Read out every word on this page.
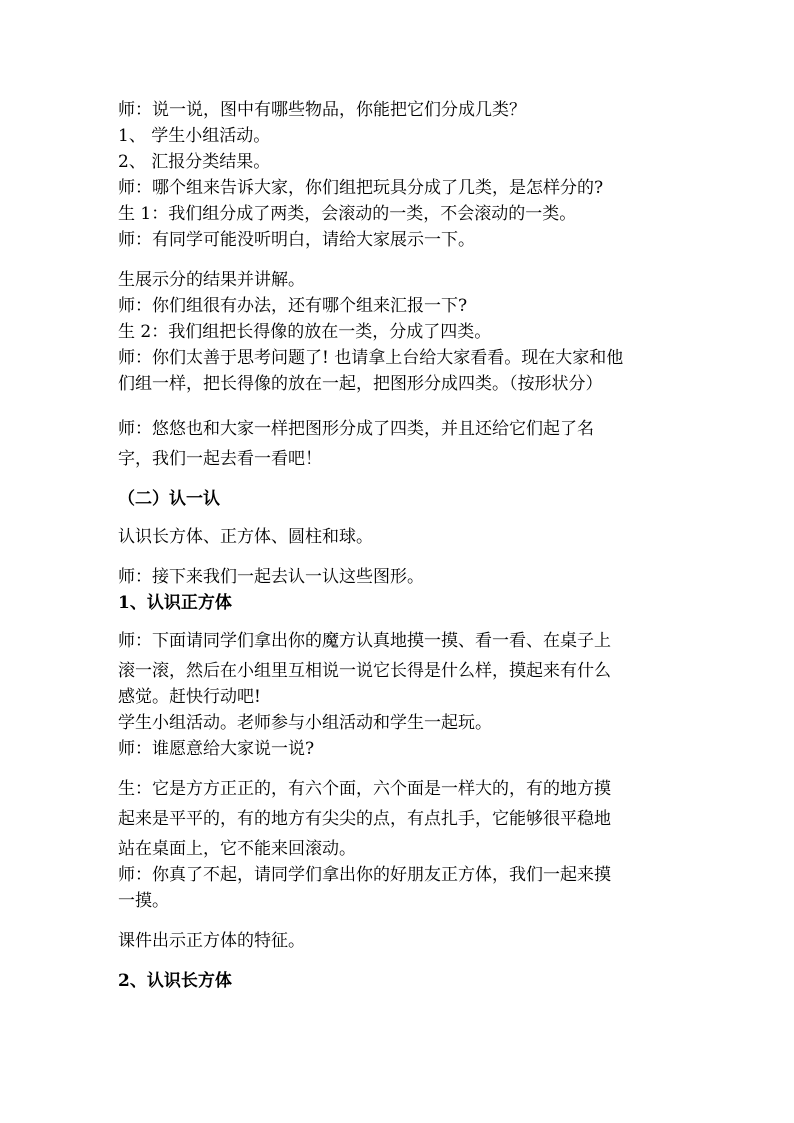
师：说一说，图中有哪些物品，你能把它们分成几类？
1、 学生小组活动。
2、 汇报分类结果。
师：哪个组来告诉大家，你们组把玩具分成了几类，是怎样分的?
生 1：我们组分成了两类，会滚动的一类，不会滚动的一类。
师：有同学可能没听明白，请给大家展示一下。
生展示分的结果并讲解。
师：你们组很有办法，还有哪个组来汇报一下?
生 2：我们组把长得像的放在一类，分成了四类。
师：你们太善于思考问题了! 也请拿上台给大家看看。现在大家和他
们组一样，把长得像的放在一起，把图形分成四类。（按形状分）
师：悠悠也和大家一样把图形分成了四类，并且还给它们起了名
字，我们一起去看一看吧！
（二）认一认
认识长方体、正方体、圆柱和球。
师：接下来我们一起去认一认这些图形。
1、认识正方体
师：下面请同学们拿出你的魔方认真地摸一摸、看一看、在桌子上
滚一滚，然后在小组里互相说一说它长得是什么样，摸起来有什么
感觉。赶快行动吧!
学生小组活动。老师参与小组活动和学生一起玩。
师：谁愿意给大家说一说?
生：它是方方正正的，有六个面，六个面是一样大的，有的地方摸
起来是平平的，有的地方有尖尖的点，有点扎手，它能够很平稳地
站在桌面上，它不能来回滚动。
师：你真了不起，请同学们拿出你的好朋友正方体，我们一起来摸
一摸。
课件出示正方体的特征。
2、认识长方体
